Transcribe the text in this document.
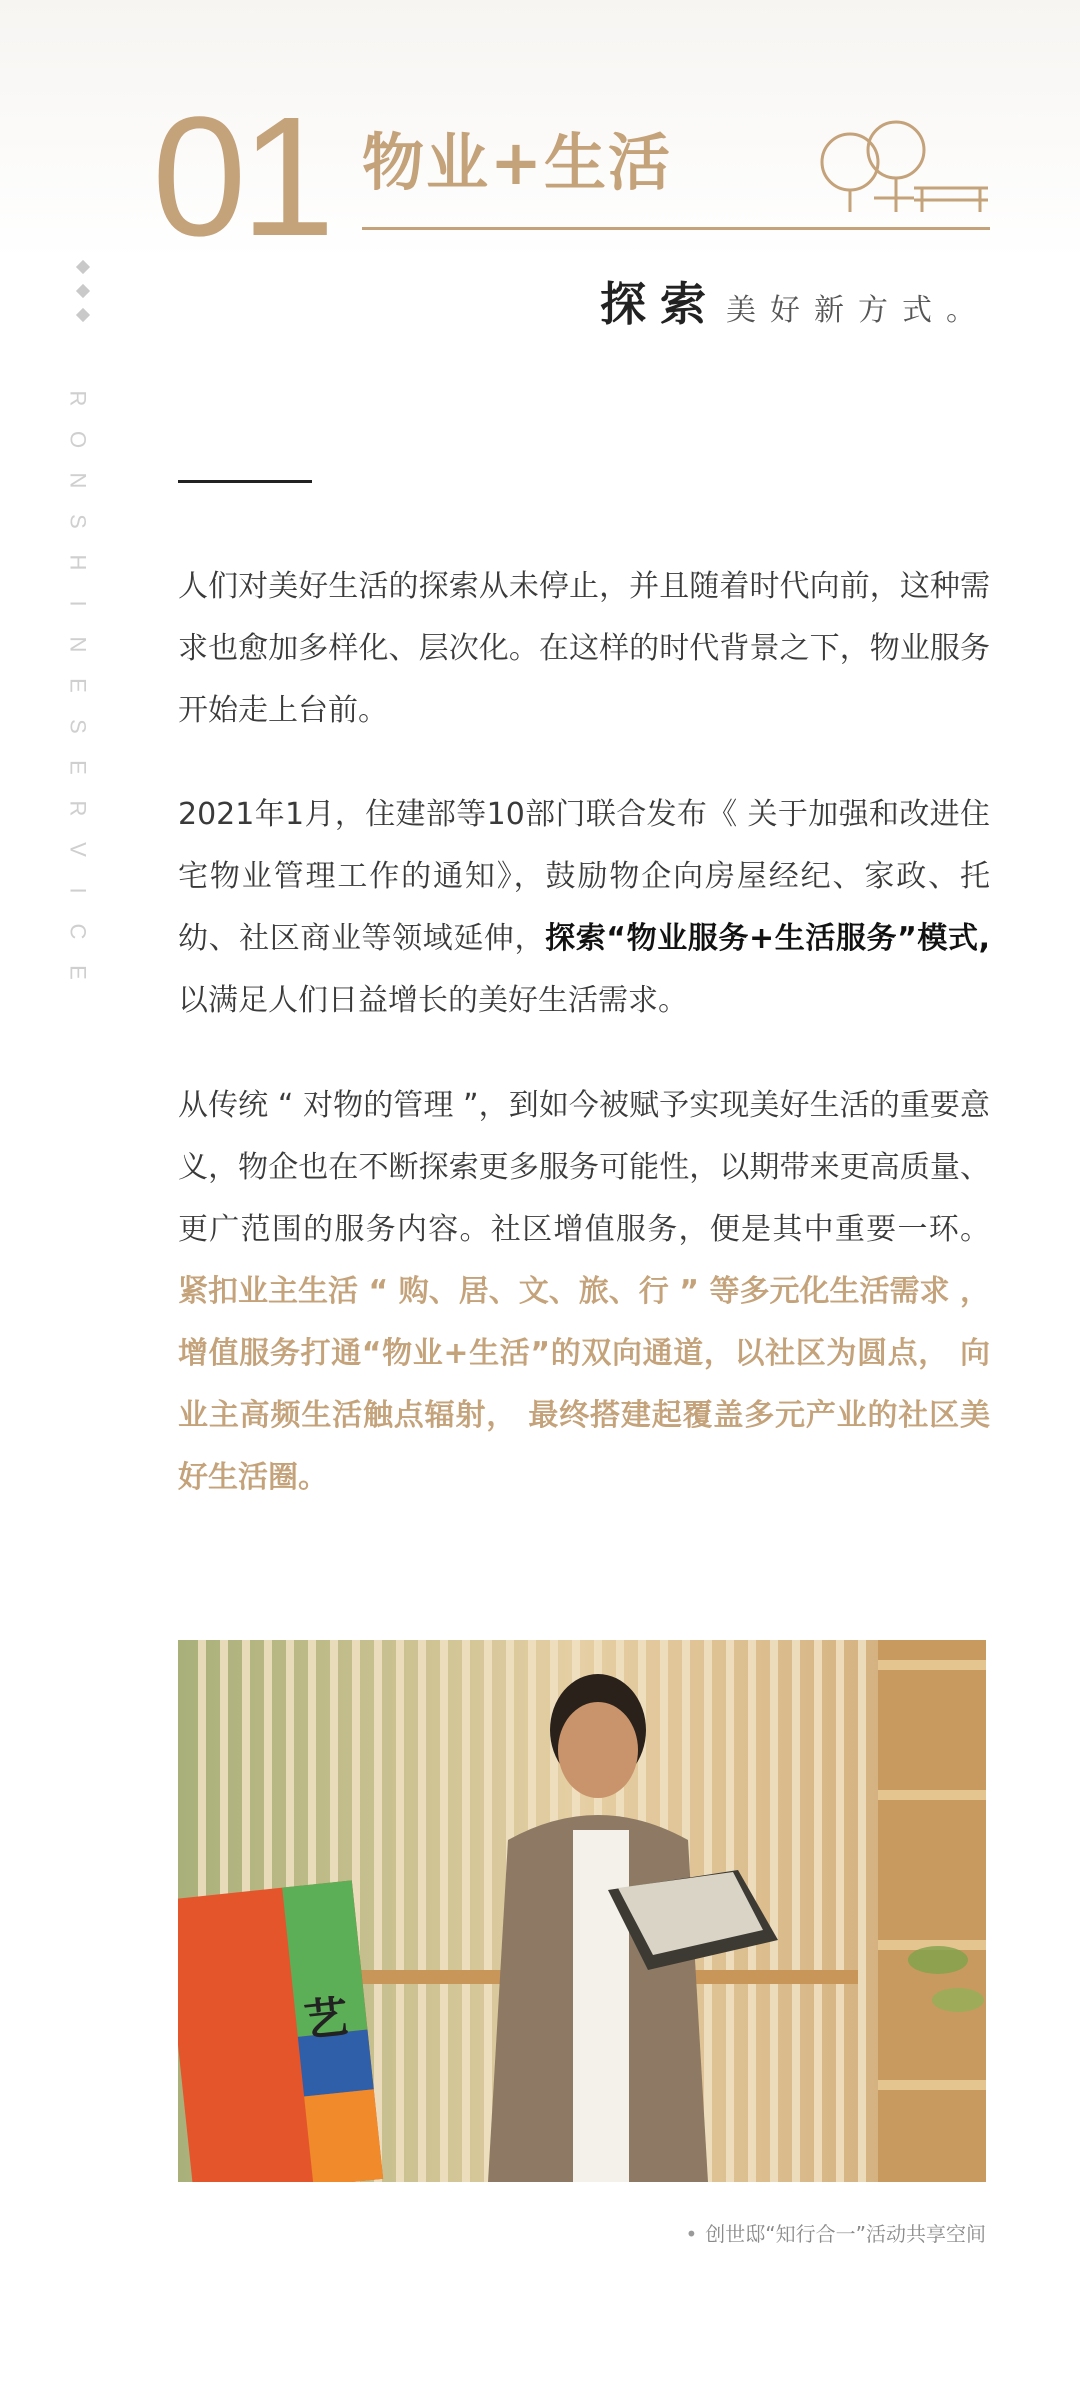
01 物业+生活
探索 美好新方式。
R
O
N
S
H
I
N
E
S
E
R
V
I
C
E

人们对美好生活的探索从未停止，并且随着时代向前，这种需求也愈加多样化、层次化。在这样的时代背景之下，物业服务开始走上台前。

2021年1月，住建部等10部门联合发布《 关于加强和改进住宅物业管理工作的通知》，鼓励物企向房屋经纪、家政、托幼、社区商业等领域延伸，探索“物业服务+生活服务”模式,以满足人们日益增长的美好生活需求。

从传统 “ 对物的管理 ”，到如今被赋予实现美好生活的重要意义，物企也在不断探索更多服务可能性，以期带来更高质量、更广范围的服务内容。社区增值服务，便是其中重要一环。 紧扣业主生活 “ 购、居、文、旅、行 ” 等多元化生活需求 ， 增值服务打通“物业+生活”的双向通道，以社区为圆点， 向业主高频生活触点辐射， 最终搭建起覆盖多元产业的社区美好生活圈。

艺
• 创世邸“知行合一”活动共享空间
